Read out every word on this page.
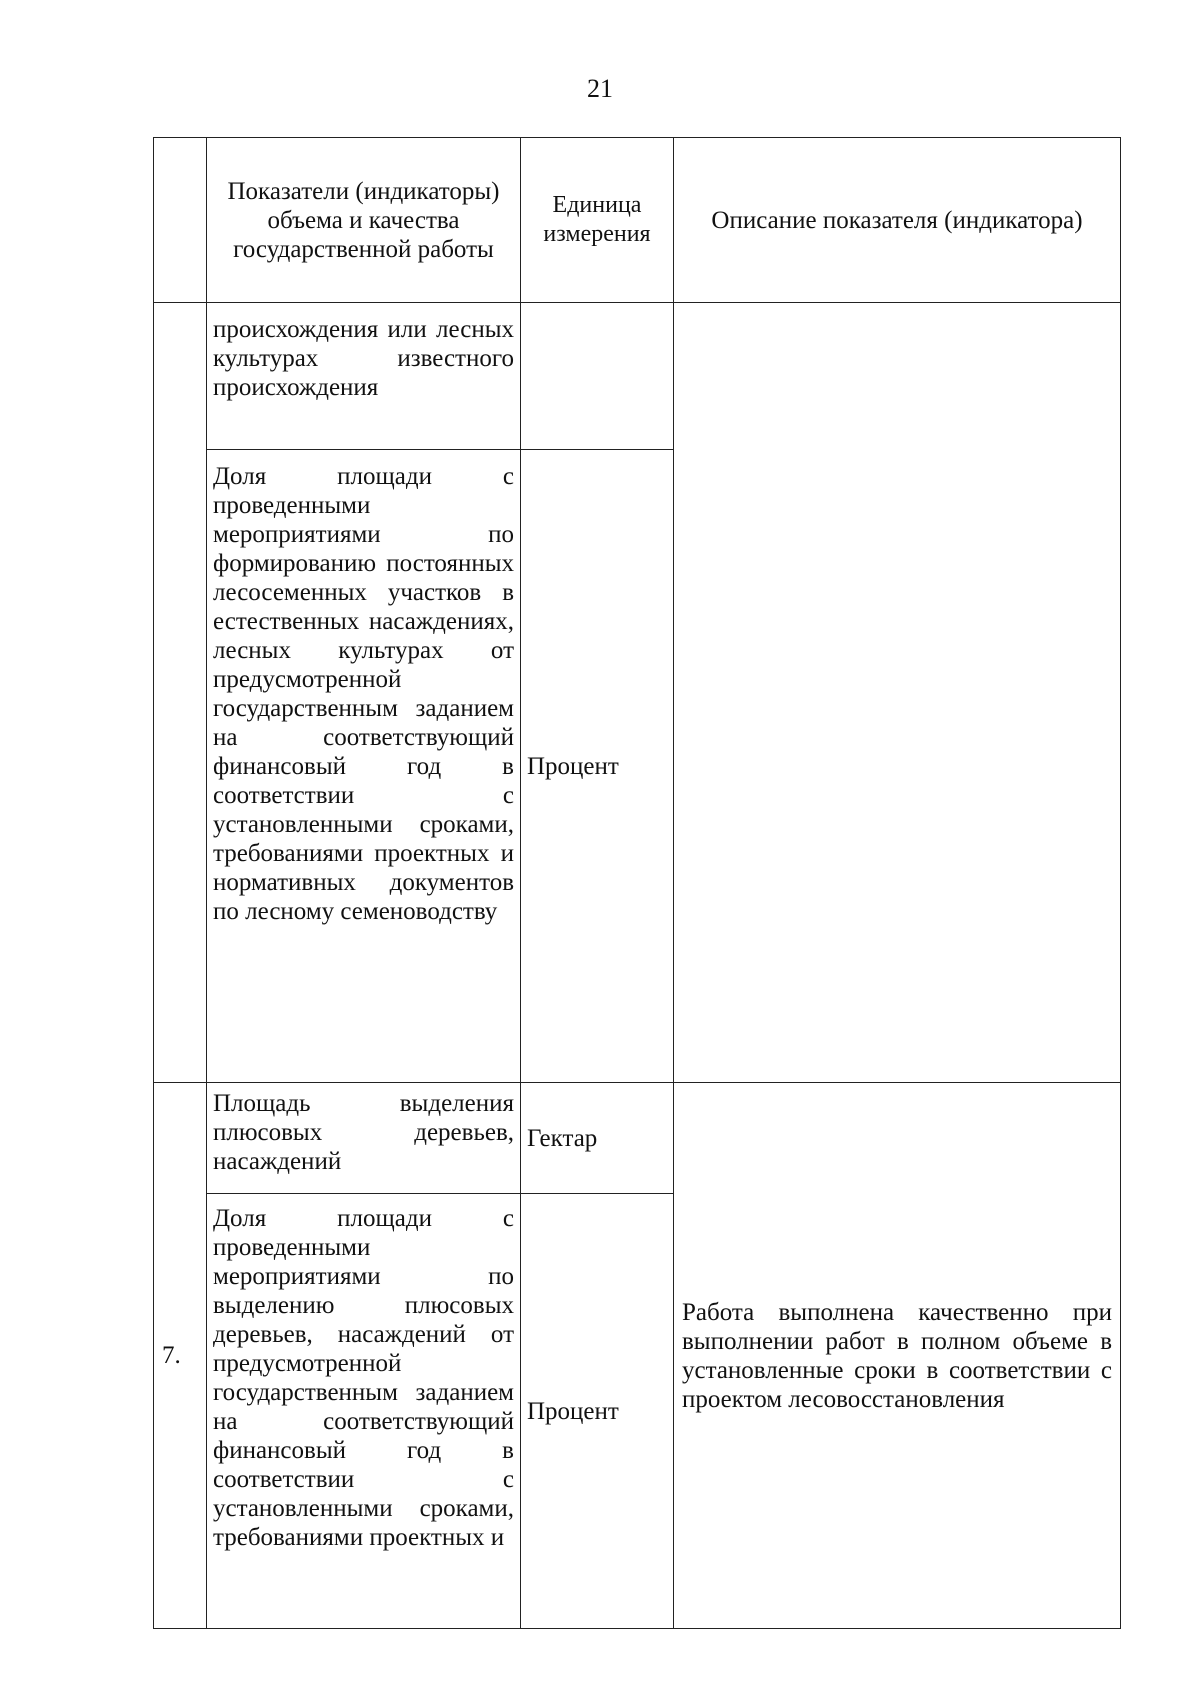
21
	Показатели (индикаторы) объема и качества государственной работы	Единица измерения	Описание показателя (индикатора)
	происхождения или лесных культурах известного происхождения		
	Доля площади с проведенными мероприятиями по формированию постоянных лесосеменных участков в естественных насаждениях, лесных культурах от предусмотренной государственным заданием на соответствующий финансовый год в соответствии с установленными сроками, требованиями проектных и нормативных документов по лесному семеноводству	Процент	
7.	Площадь выделения плюсовых деревьев, насаждений	Гектар	Работа выполнена качественно при выполнении работ в полном объеме в установленные сроки в соответствии с проектом лесовосстановления
	Доля площади с проведенными мероприятиями по выделению плюсовых деревьев, насаждений от предусмотренной государственным заданием на соответствующий финансовый год в соответствии с установленными сроками, требованиями проектных и	Процент	
